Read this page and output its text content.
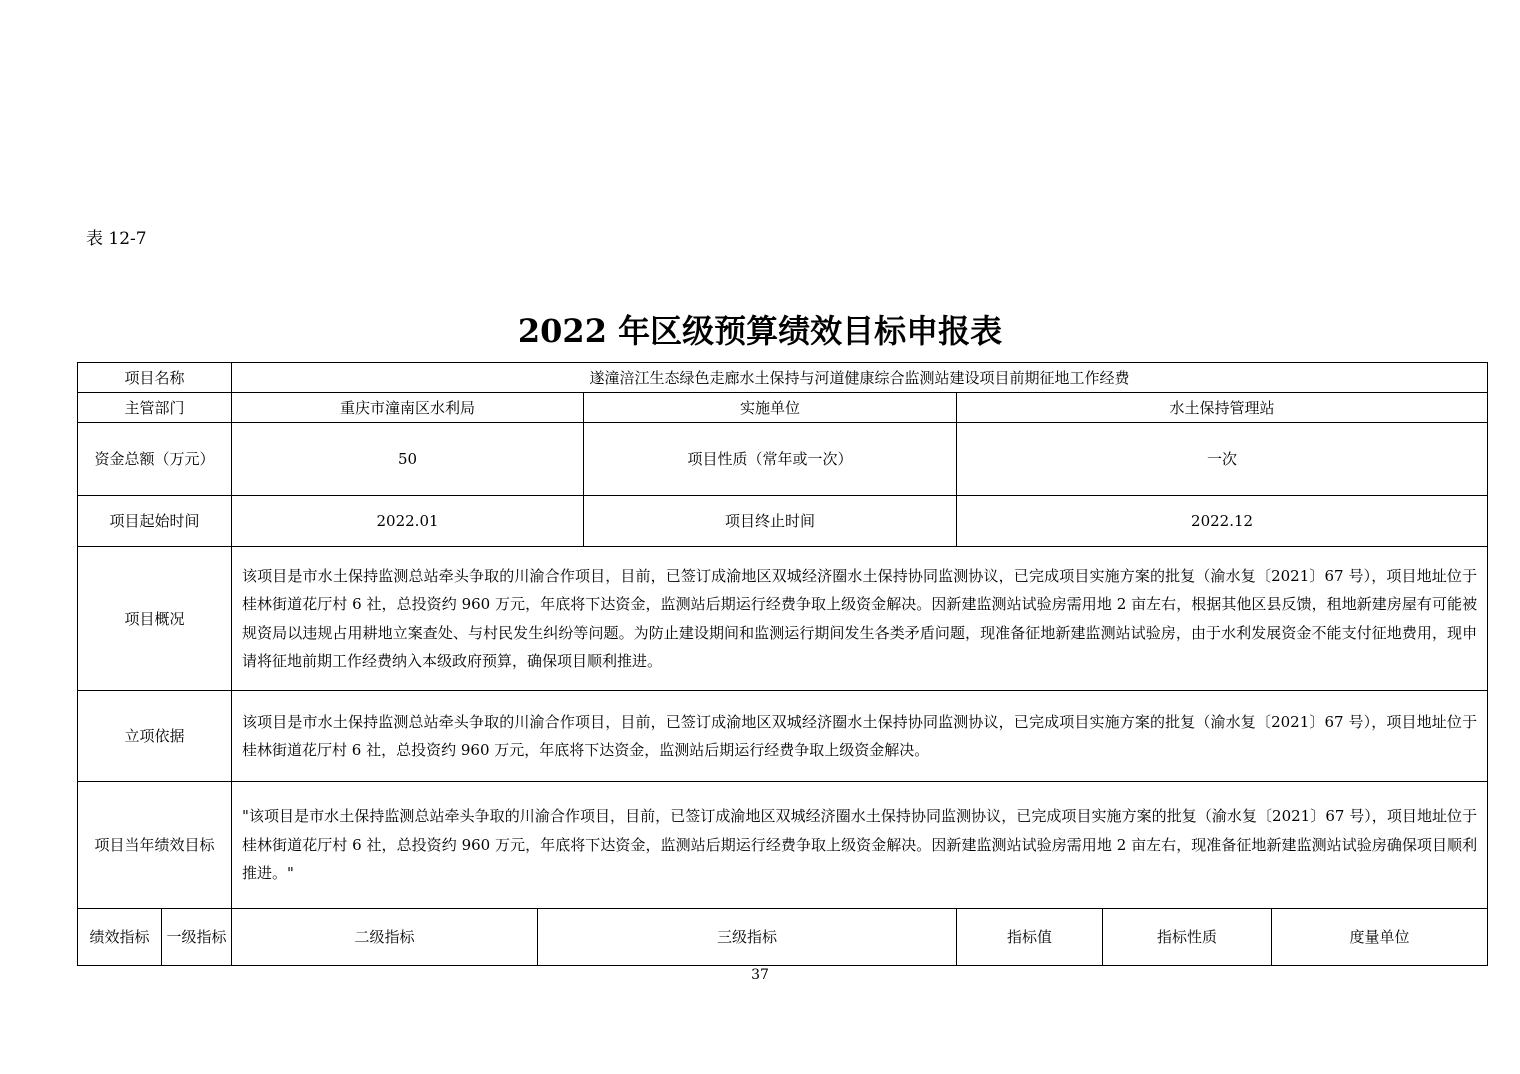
表 12-7
2022 年区级预算绩效目标申报表
项目名称		遂潼涪江生态绿色走廊水土保持与河道健康综合监测站建设项目前期征地工作经费					
主管部门		重庆市潼南区水利局		实施单位	水土保持管理站		
资金总额（万元）		50		项目性质（常年或一次）	一次		
项目起始时间		2022.01		项目终止时间	2022.12		
项目概况		该项目是市水土保持监测总站牵头争取的川渝合作项目，目前，已签订成渝地区双城经济圈水土保持协同监测协议，已完成项目实施方案的批复（渝水复〔2021〕67 号），项目地址位于桂林街道花厅村 6 社，总投资约 960 万元，年底将下达资金，监测站后期运行经费争取上级资金解决。因新建监测站试验房需用地 2 亩左右，根据其他区县反馈，租地新建房屋有可能被规资局以违规占用耕地立案查处、与村民发生纠纷等问题。为防止建设期间和监测运行期间发生各类矛盾问题，现准备征地新建监测站试验房，由于水利发展资金不能支付征地费用，现申请将征地前期工作经费纳入本级政府预算，确保项目顺利推进。					
立项依据		该项目是市水土保持监测总站牵头争取的川渝合作项目，目前，已签订成渝地区双城经济圈水土保持协同监测协议，已完成项目实施方案的批复（渝水复〔2021〕67 号），项目地址位于桂林街道花厅村 6 社，总投资约 960 万元，年底将下达资金，监测站后期运行经费争取上级资金解决。					
项目当年绩效目标		"该项目是市水土保持监测总站牵头争取的川渝合作项目，目前，已签订成渝地区双城经济圈水土保持协同监测协议，已完成项目实施方案的批复（渝水复〔2021〕67 号），项目地址位于桂林街道花厅村 6 社，总投资约 960 万元，年底将下达资金，监测站后期运行经费争取上级资金解决。因新建监测站试验房需用地 2 亩左右，现准备征地新建监测站试验房确保项目顺利推进。"					
绩效指标	一级指标	二级指标	三级指标		指标值	指标性质	度量单位
37
